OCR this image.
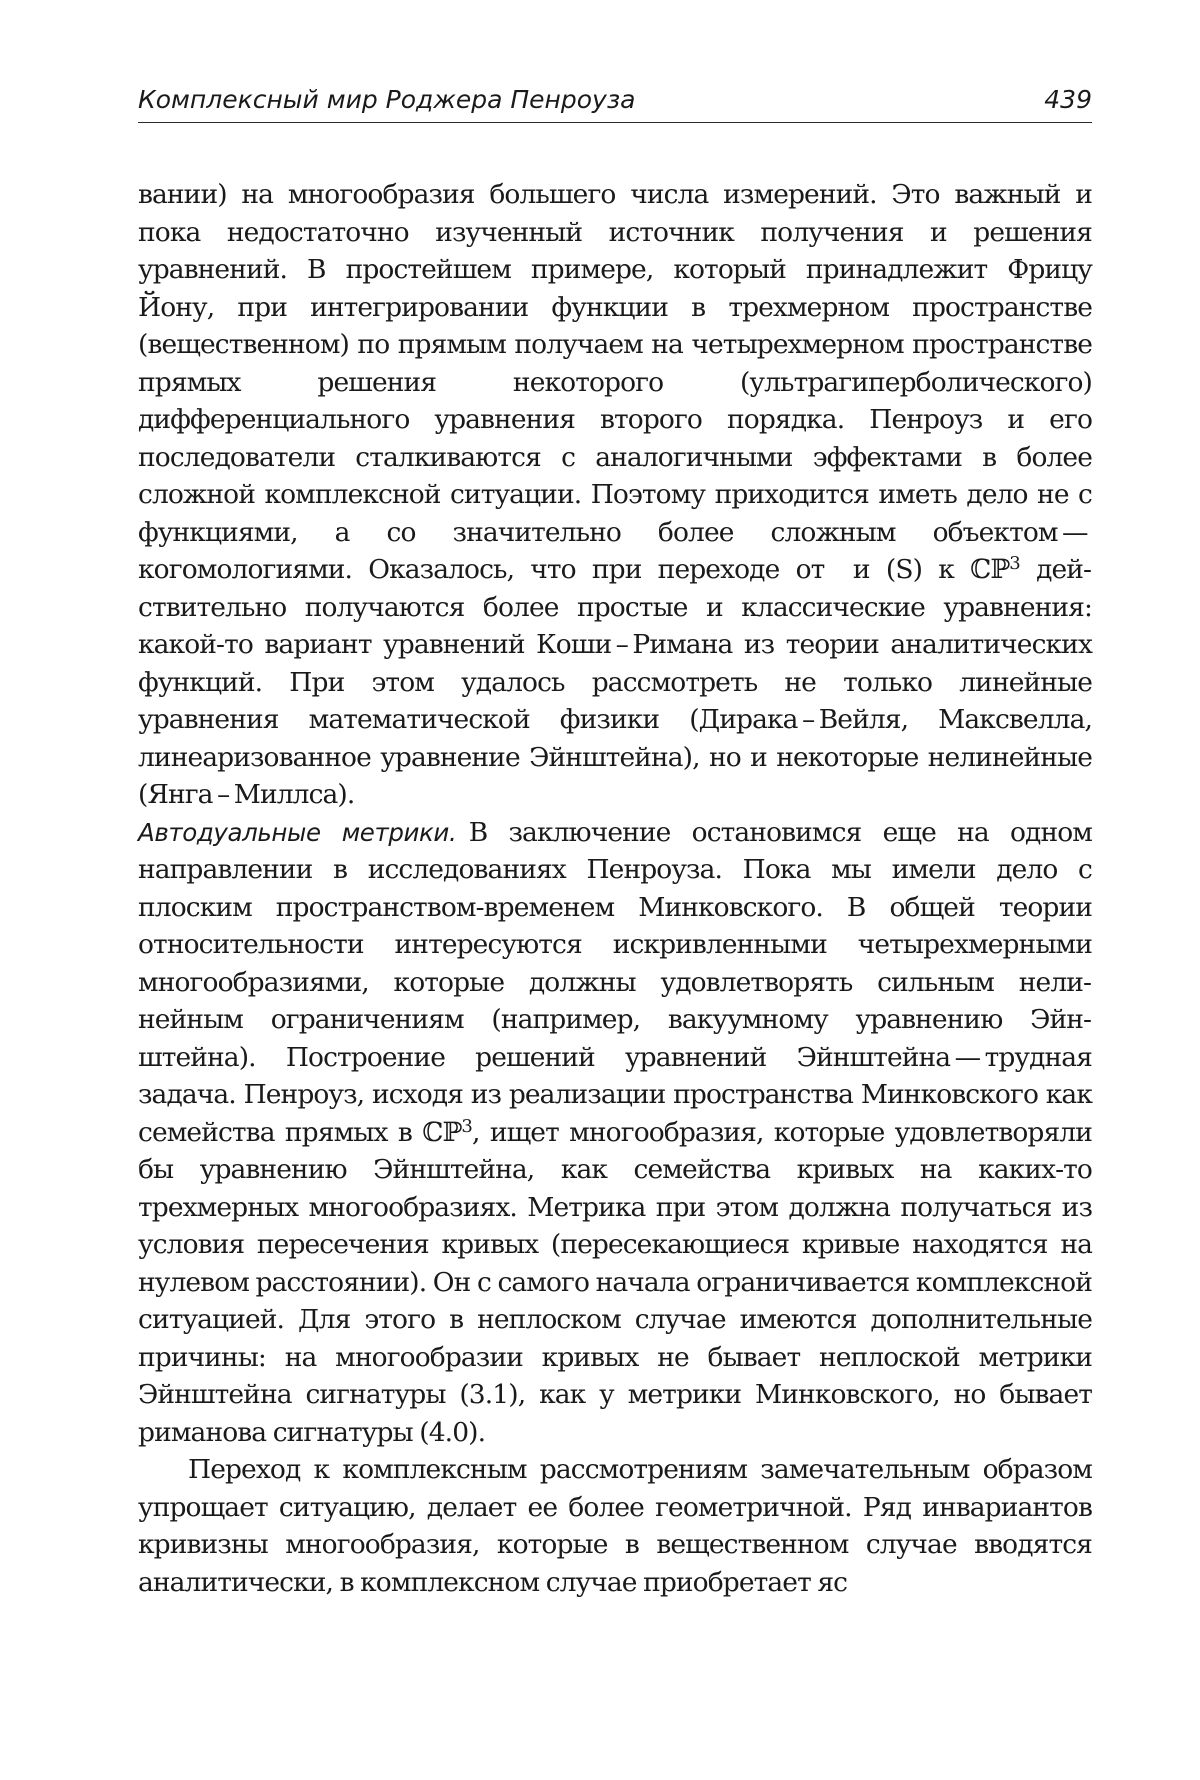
Комплексный мир Роджера Пенроуза	439

вании) на многообразия большего числа измерений. Это важный и пока недостаточно изученный источник получения и решения уравнений. В простейшем примере, который принадлежит Фрицу Йону, при интегрировании функции в трехмерном пространстве (вещественном) по прямым получаем на четырехмерном пространстве прямых решения некоторого (ультрагиперболического) дифференциального уравнения второго порядка. Пенроуз и его последователи сталкиваются с аналогичными эффектами в более сложной комплексной ситуации. Поэтому приходится иметь дело не с функциями, а со значительно более сложным объектом — когомологиями. Оказалось, что при переходе от  и (S) к ℂℙ$^3$ действительно получаются более простые и классические уравнения: какой-то вариант уравнений Коши – Римана из теории аналитических функций. При этом удалось рассмотреть не только линейные уравнения математической физики (Дирака – Вейля, Максвелла, линеаризованное уравнение Эйнштейна), но и некоторые нелинейные (Янга – Миллса).

Автодуальные метрики.  В заключение остановимся еще на одном направлении в исследованиях Пенроуза. Пока мы имели дело с плоским пространством-временем Минковского. В общей теории относительности интересуются искривленными четырехмерными многообразиями, которые должны удовлетворять сильным нелинейным ограничениям (например, вакуумному уравнению Эйнштейна). Построение решений уравнений Эйнштейна — трудная задача. Пенроуз, исходя из реализации пространства Минковского как семейства прямых в ℂℙ$^3$, ищет многообразия, которые удовлетворяли бы уравнению Эйнштейна, как семейства кривых на каких-то трехмерных многообразиях. Метрика при этом должна получаться из условия пересечения кривых (пересекающиеся кривые находятся на нулевом расстоянии). Он с самого начала ограничивается комплексной ситуацией. Для этого в неплоском случае имеются дополнительные причины: на многообразии кривых не бывает неплоской метрики Эйнштейна сигнатуры (3.1), как у метрики Минковского, но бывает риманова сигнатуры (4.0).

Переход к комплексным рассмотрениям замечательным образом упрощает ситуацию, делает ее более геометричной. Ряд инвариантов кривизны многообразия, которые в вещественном случае вводятся аналитически, в комплексном случае приобретает яс
